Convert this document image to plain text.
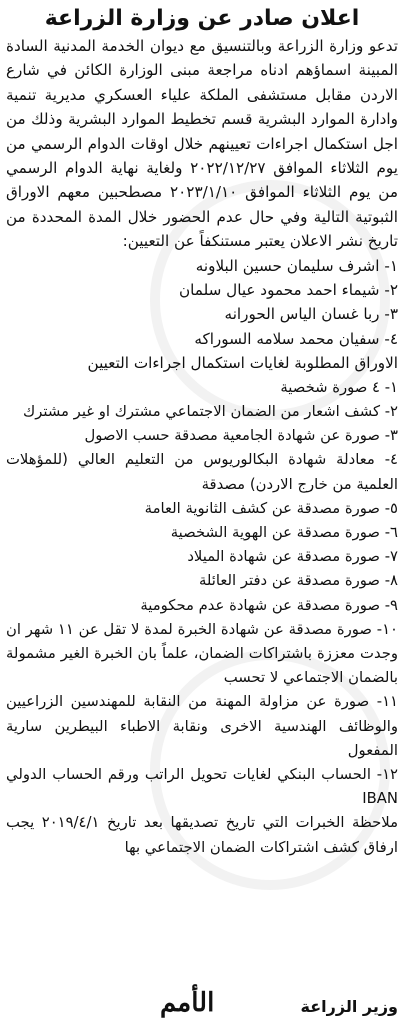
اعلان صادر عن وزارة الزراعة

تدعو وزارة الزراعة وبالتنسيق مع ديوان الخدمة المدنية السادة المبينة اسماؤهم ادناه مراجعة مبنى الوزارة الكائن في شارع الاردن مقابل مستشفى الملكة علياء العسكري مديرية تنمية وادارة الموارد البشرية قسم تخطيط الموارد البشرية وذلك من اجل استكمال اجراءات تعيينهم خلال اوقات الدوام الرسمي من يوم الثلاثاء الموافق ٢٠٢٢/١٢/٢٧ ولغاية نهاية الدوام الرسمي من يوم الثلاثاء الموافق ٢٠٢٣/١/١٠ مصطحبين معهم الاوراق الثبوتية التالية وفي حال عدم الحضور خلال المدة المحددة من تاريخ نشر الاعلان يعتبر مستنكفاً عن التعيين:

١- اشرف سليمان حسين البلاونه
٢- شيماء احمد محمود عيال سلمان
٣- ربا غسان الياس الحورانه
٤- سفيان محمد سلامه السوراكه

الاوراق المطلوبة لغايات استكمال اجراءات التعيين

١- ٤ صورة شخصية
٢- كشف اشعار من الضمان الاجتماعي مشترك او غير مشترك
٣- صورة عن شهادة الجامعية مصدقة حسب الاصول
٤- معادلة شهادة البكالوريوس من التعليم العالي (للمؤهلات العلمية من خارج الاردن) مصدقة
٥- صورة مصدقة عن كشف الثانوية العامة
٦- صورة مصدقة عن الهوية الشخصية
٧- صورة مصدقة عن شهادة الميلاد
٨- صورة مصدقة عن دفتر العائلة
٩- صورة مصدقة عن شهادة عدم محكومية
١٠- صورة مصدقة عن شهادة الخبرة لمدة لا تقل عن ١١ شهر ان وجدت معززة باشتراكات الضمان، علماً بان الخبرة الغير مشمولة بالضمان الاجتماعي لا تحسب
١١- صورة عن مزاولة المهنة من النقابة للمهندسين الزراعيين والوظائف الهندسية الاخرى ونقابة الاطباء البيطرين سارية المفعول
١٢- الحساب البنكي لغايات تحويل الراتب ورقم الحساب الدولي IBAN

ملاحظة الخبرات التي تاريخ تصديقها بعد تاريخ ٢٠١٩/٤/١ يجب ارفاق كشف اشتراكات الضمان الاجتماعي بها

وزير الزراعة
الأمم
